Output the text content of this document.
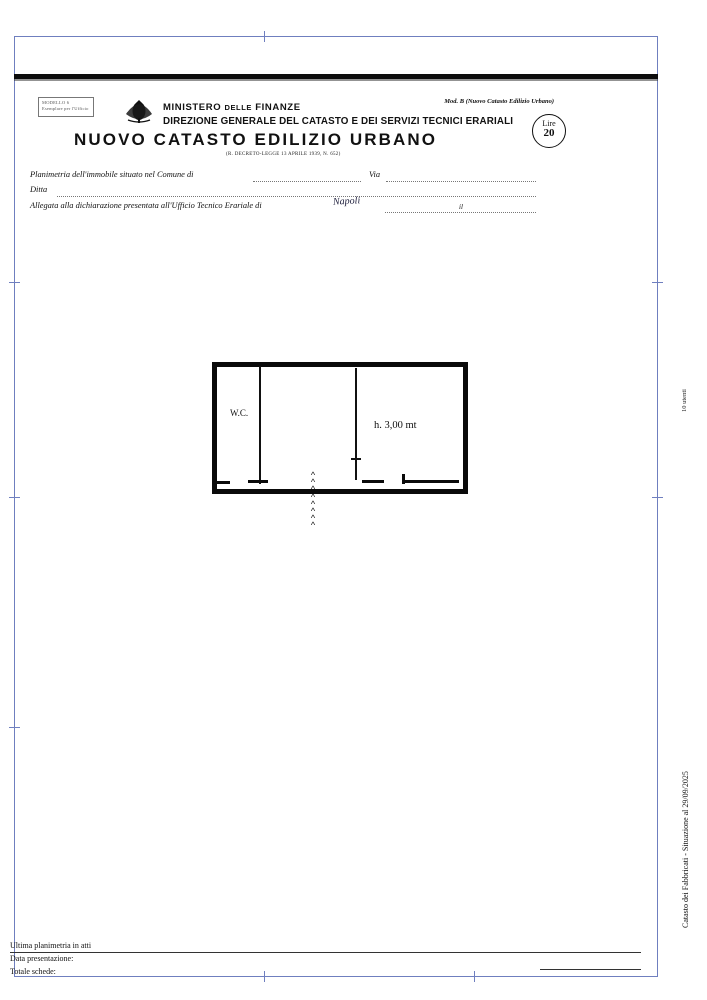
MODELLO 6 Esemplare per l'Ufficio
Mod. B (Nuovo Catasto Edilizio Urbano)
MINISTERO DELLE FINANZE
DIREZIONE GENERALE DEL CATASTO E DEI SERVIZI TECNICI ERARIALI
NUOVO CATASTO EDILIZIO URBANO
(R. DECRETO-LEGGE 13 APRILE 1939, N. 652)
Lire
20
Planimetria dell'immobile situato nel Comune di	Via
Ditta
Allegata alla dichiarazione presentata all'Ufficio Tecnico Erariale di	Napoli	il
W.C.
h. 3,00 mt
^
^
^
^
^
^
^
^
10 utenti
Catasto dei Fabbricati - Situazione al 29/09/2025
Ultima planimetria in atti
Data presentazione:
Totale schede:
